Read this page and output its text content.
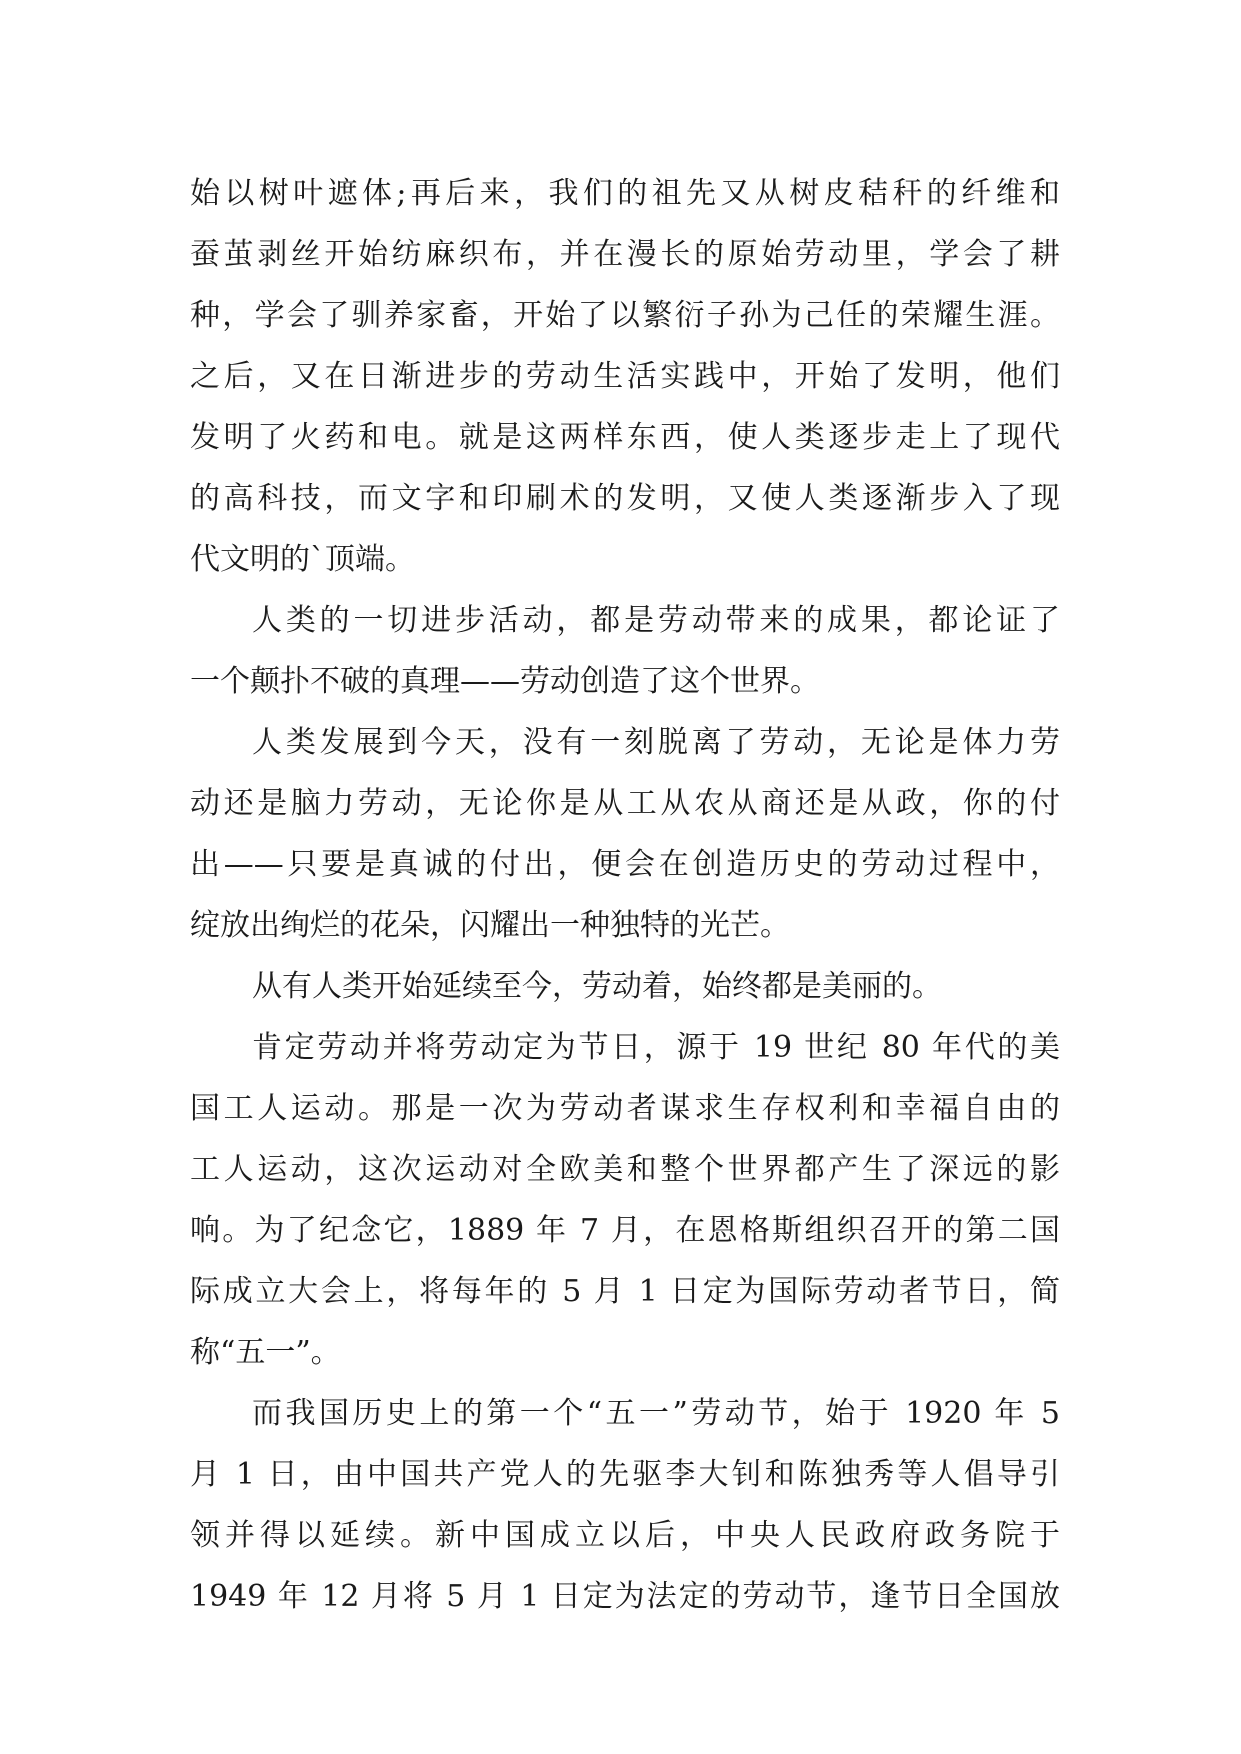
始以树叶遮体;再后来，我们的祖先又从树皮秸秆的纤维和
蚕茧剥丝开始纺麻织布，并在漫长的原始劳动里，学会了耕
种，学会了驯养家畜，开始了以繁衍子孙为己任的荣耀生涯。
之后，又在日渐进步的劳动生活实践中，开始了发明，他们
发明了火药和电。就是这两样东西，使人类逐步走上了现代
的高科技，而文字和印刷术的发明，又使人类逐渐步入了现
代文明的`顶端。
人类的一切进步活动，都是劳动带来的成果，都论证了
一个颠扑不破的真理——劳动创造了这个世界。
人类发展到今天，没有一刻脱离了劳动，无论是体力劳
动还是脑力劳动，无论你是从工从农从商还是从政，你的付
出——只要是真诚的付出，便会在创造历史的劳动过程中，
绽放出绚烂的花朵，闪耀出一种独特的光芒。
从有人类开始延续至今，劳动着，始终都是美丽的。
肯定劳动并将劳动定为节日，源于 19 世纪 80 年代的美
国工人运动。那是一次为劳动者谋求生存权利和幸福自由的
工人运动，这次运动对全欧美和整个世界都产生了深远的影
响。为了纪念它，1889 年 7 月，在恩格斯组织召开的第二国
际成立大会上，将每年的 5 月 1 日定为国际劳动者节日，简
称“五一”。
而我国历史上的第一个“五一”劳动节，始于 1920 年 5
月 1 日，由中国共产党人的先驱李大钊和陈独秀等人倡导引
领并得以延续。新中国成立以后，中央人民政府政务院于
1949 年 12 月将 5 月 1 日定为法定的劳动节，逢节日全国放
